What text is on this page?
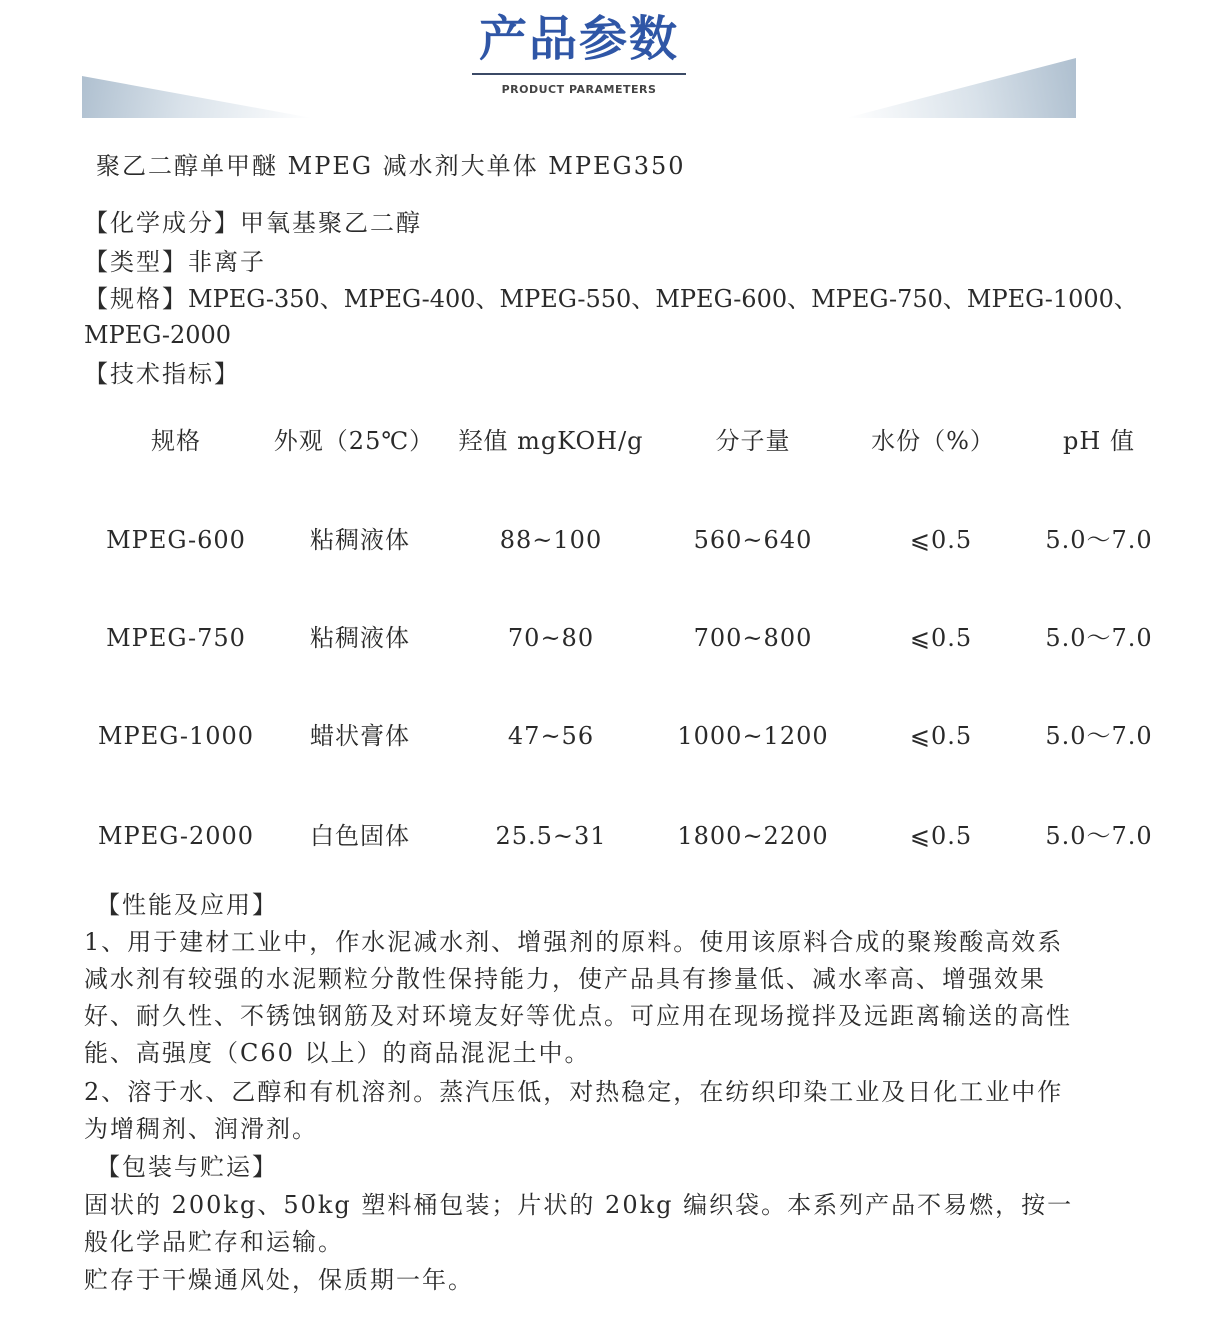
产品参数
PRODUCT PARAMETERS
聚乙二醇单甲醚 MPEG 减水剂大单体 MPEG350
【化学成分】甲氧基聚乙二醇
【类型】非离子
【规格】MPEG-350、MPEG-400、MPEG-550、MPEG-600、MPEG-750、MPEG-1000、
MPEG-2000
【技术指标】
规格	外观（25℃）	羟值 mgKOH/g	分子量	水份（%）	pH 值
MPEG-600	粘稠液体	88~100	560~640	⩽0.5	5.0～7.0
MPEG-750	粘稠液体	70~80	700~800	⩽0.5	5.0～7.0
MPEG-1000	蜡状膏体	47~56	1000~1200	⩽0.5	5.0～7.0
MPEG-2000	白色固体	25.5~31	1800~2200	⩽0.5	5.0～7.0
【性能及应用】
1、用于建材工业中，作水泥减水剂、增强剂的原料。使用该原料合成的聚羧酸高效系减水剂有较强的水泥颗粒分散性保持能力，使产品具有掺量低、减水率高、增强效果好、耐久性、不锈蚀钢筋及对环境友好等优点。可应用在现场搅拌及远距离输送的高性能、高强度（C60 以上）的商品混泥土中。
2、溶于水、乙醇和有机溶剂。蒸汽压低，对热稳定，在纺织印染工业及日化工业中作为增稠剂、润滑剂。
【包装与贮运】
固状的 200kg、50kg 塑料桶包装；片状的 20kg 编织袋。本系列产品不易燃，按一般化学品贮存和运输。
贮存于干燥通风处，保质期一年。
